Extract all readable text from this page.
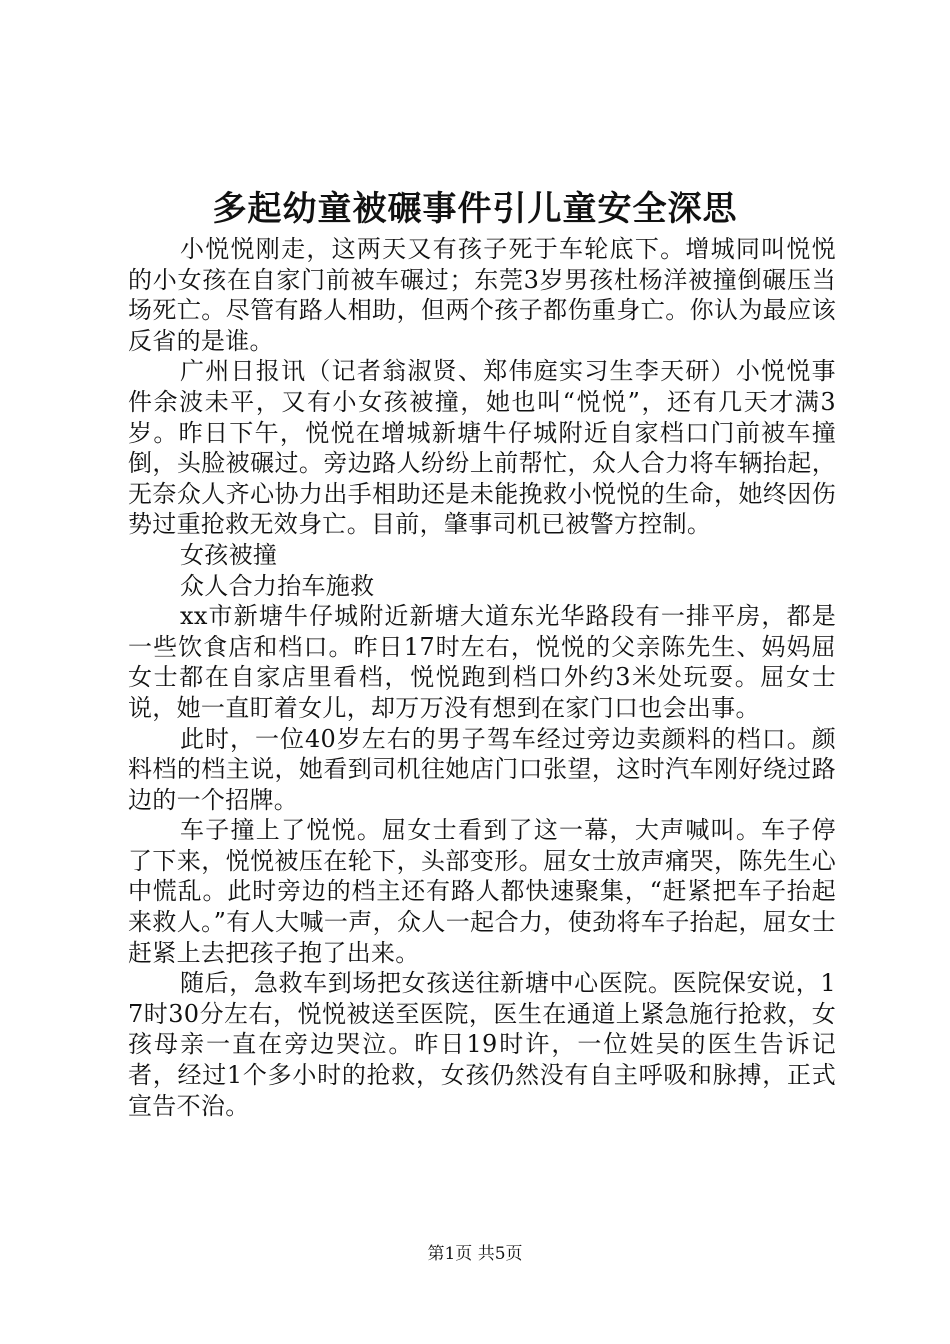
多起幼童被碾事件引儿童安全深思

小悦悦刚走，这两天又有孩子死于车轮底下。增城同叫悦悦的小女孩在自家门前被车碾过；东莞3岁男孩杜杨洋被撞倒碾压当场死亡。尽管有路人相助，但两个孩子都伤重身亡。你认为最应该反省的是谁。

广州日报讯（记者翁淑贤、郑伟庭实习生李天研）小悦悦事件余波未平，又有小女孩被撞，她也叫“悦悦”，还有几天才满3岁。昨日下午，悦悦在增城新塘牛仔城附近自家档口门前被车撞倒，头脸被碾过。旁边路人纷纷上前帮忙，众人合力将车辆抬起，无奈众人齐心协力出手相助还是未能挽救小悦悦的生命，她终因伤势过重抢救无效身亡。目前，肇事司机已被警方控制。

女孩被撞

众人合力抬车施救

xx市新塘牛仔城附近新塘大道东光华路段有一排平房，都是一些饮食店和档口。昨日17时左右，悦悦的父亲陈先生、妈妈屈女士都在自家店里看档，悦悦跑到档口外约3米处玩耍。屈女士说，她一直盯着女儿，却万万没有想到在家门口也会出事。

此时，一位40岁左右的男子驾车经过旁边卖颜料的档口。颜料档的档主说，她看到司机往她店门口张望，这时汽车刚好绕过路边的一个招牌。

车子撞上了悦悦。屈女士看到了这一幕，大声喊叫。车子停了下来，悦悦被压在轮下，头部变形。屈女士放声痛哭，陈先生心中慌乱。此时旁边的档主还有路人都快速聚集，“赶紧把车子抬起来救人。”有人大喊一声，众人一起合力，使劲将车子抬起，屈女士赶紧上去把孩子抱了出来。

随后，急救车到场把女孩送往新塘中心医院。医院保安说，17时30分左右，悦悦被送至医院，医生在通道上紧急施行抢救，女孩母亲一直在旁边哭泣。昨日19时许，一位姓吴的医生告诉记者，经过1个多小时的抢救，女孩仍然没有自主呼吸和脉搏，正式宣告不治。

第1页 共5页
